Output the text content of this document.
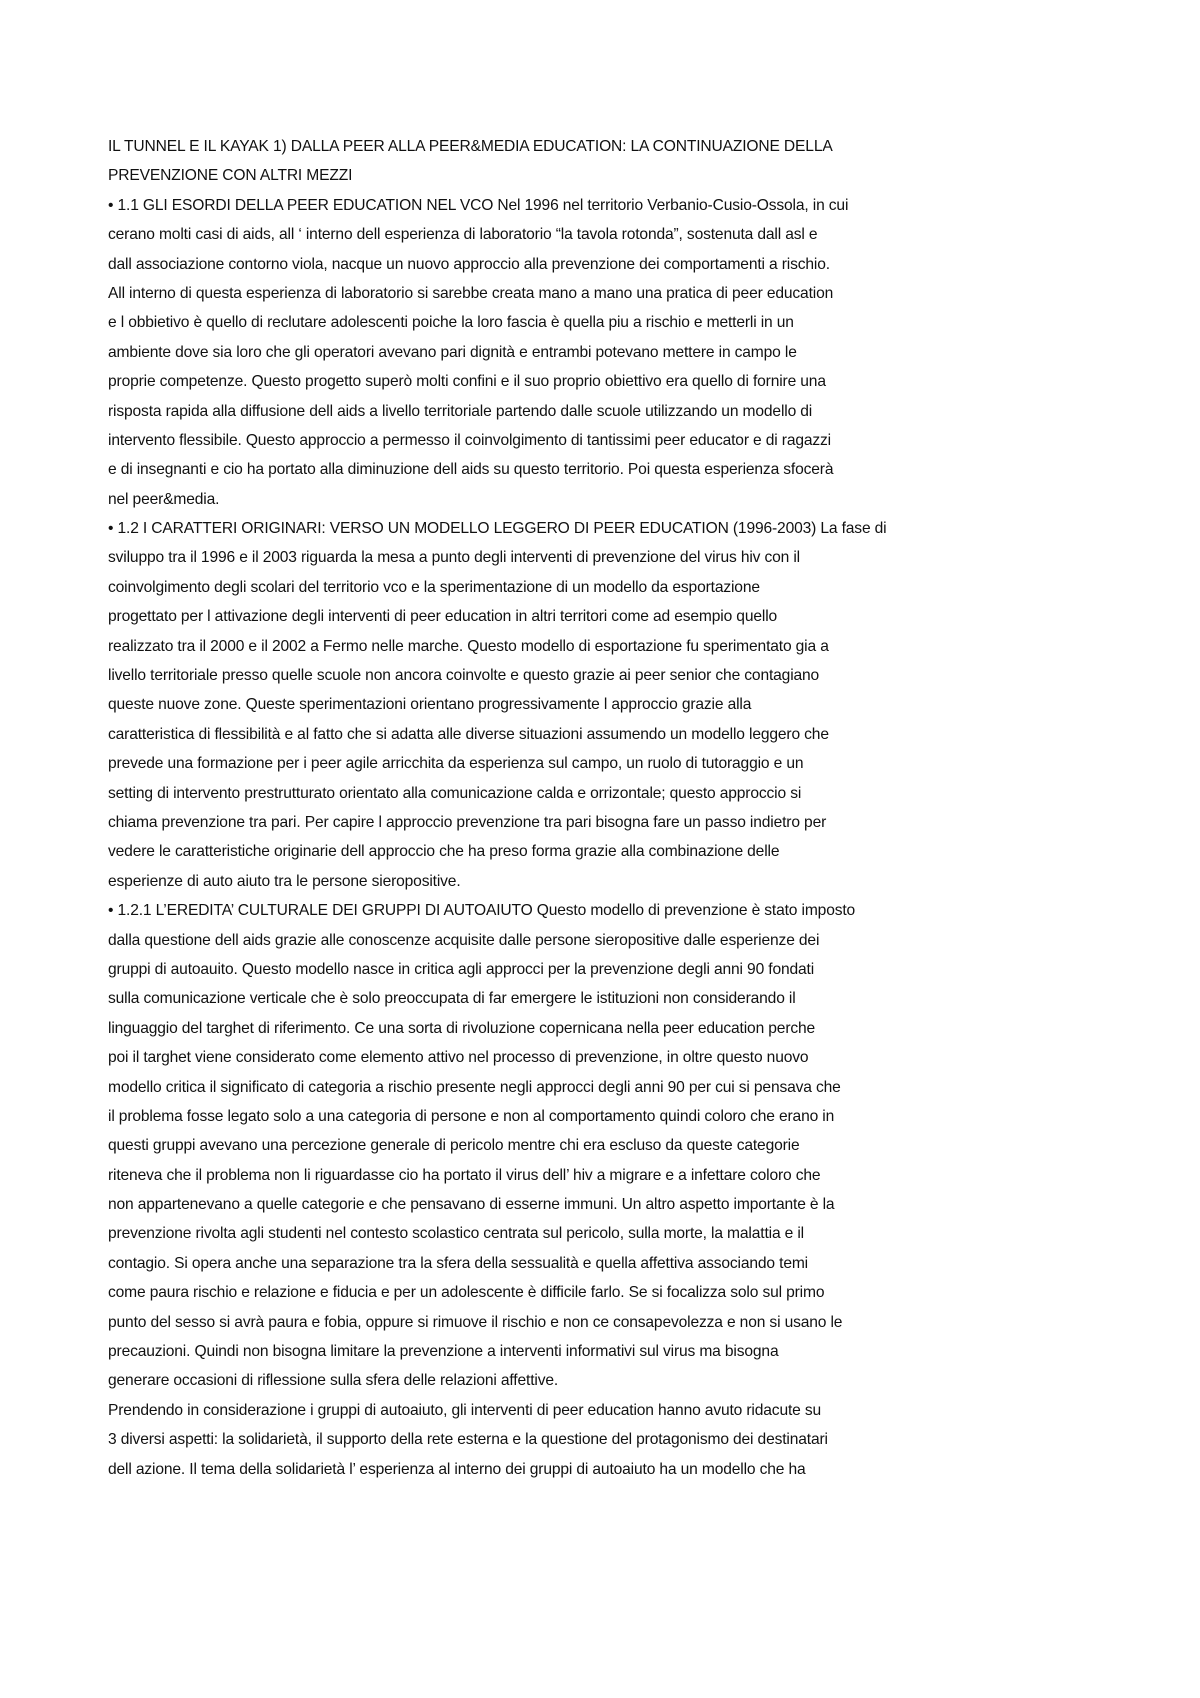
IL TUNNEL E IL KAYAK 1) DALLA PEER ALLA PEER&MEDIA EDUCATION: LA CONTINUAZIONE DELLA
PREVENZIONE CON ALTRI MEZZI
• 1.1 GLI ESORDI DELLA PEER EDUCATION NEL VCO Nel 1996 nel territorio Verbanio-Cusio-Ossola, in cui
cerano molti casi di aids, all ‘ interno dell esperienza di laboratorio “la tavola rotonda”, sostenuta dall asl e
dall associazione contorno viola, nacque un nuovo approccio alla prevenzione dei comportamenti a rischio.
All interno di questa esperienza di laboratorio si sarebbe creata mano a mano una pratica di peer education
e l obbietivo è quello di reclutare adolescenti poiche la loro fascia è quella piu a rischio e metterli in un
ambiente dove sia loro che gli operatori avevano pari dignità e entrambi potevano mettere in campo le
proprie competenze. Questo progetto superò molti confini e il suo proprio obiettivo era quello di fornire una
risposta rapida alla diffusione dell aids a livello territoriale partendo dalle scuole utilizzando un modello di
intervento flessibile. Questo approccio a permesso il coinvolgimento di tantissimi peer educator e di ragazzi
e di insegnanti e cio ha portato alla diminuzione dell aids su questo territorio. Poi questa esperienza sfocerà
nel peer&media.
• 1.2 I CARATTERI ORIGINARI: VERSO UN MODELLO LEGGERO DI PEER EDUCATION (1996-2003) La fase di
sviluppo tra il 1996 e il 2003 riguarda la mesa a punto degli interventi di prevenzione del virus hiv con il
coinvolgimento degli scolari del territorio vco e la sperimentazione di un modello da esportazione
progettato per l attivazione degli interventi di peer education in altri territori come ad esempio quello
realizzato tra il 2000 e il 2002 a Fermo nelle marche. Questo modello di esportazione fu sperimentato gia a
livello territoriale presso quelle scuole non ancora coinvolte e questo grazie ai peer senior che contagiano
queste nuove zone. Queste sperimentazioni orientano progressivamente l approccio grazie alla
caratteristica di flessibilità e al fatto che si adatta alle diverse situazioni assumendo un modello leggero che
prevede una formazione per i peer agile arricchita da esperienza sul campo, un ruolo di tutoraggio e un
setting di intervento prestrutturato orientato alla comunicazione calda e orrizontale; questo approccio si
chiama prevenzione tra pari. Per capire l approccio prevenzione tra pari bisogna fare un passo indietro per
vedere le caratteristiche originarie dell approccio che ha preso forma grazie alla combinazione delle
esperienze di auto aiuto tra le persone sieropositive.
• 1.2.1 L’EREDITA’ CULTURALE DEI GRUPPI DI AUTOAIUTO Questo modello di prevenzione è stato imposto
dalla questione dell aids grazie alle conoscenze acquisite dalle persone sieropositive dalle esperienze dei
gruppi di autoauito. Questo modello nasce in critica agli approcci per la prevenzione degli anni 90 fondati
sulla comunicazione verticale che è solo preoccupata di far emergere le istituzioni non considerando il
linguaggio del targhet di riferimento. Ce una sorta di rivoluzione copernicana nella peer education perche
poi il targhet viene considerato come elemento attivo nel processo di prevenzione, in oltre questo nuovo
modello critica il significato di categoria a rischio presente negli approcci degli anni 90 per cui si pensava che
il problema fosse legato solo a una categoria di persone e non al comportamento quindi coloro che erano in
questi gruppi avevano una percezione generale di pericolo mentre chi era escluso da queste categorie
riteneva che il problema non li riguardasse cio ha portato il virus dell’ hiv a migrare e a infettare coloro che
non appartenevano a quelle categorie e che pensavano di esserne immuni. Un altro aspetto importante è la
prevenzione rivolta agli studenti nel contesto scolastico centrata sul pericolo, sulla morte, la malattia e il
contagio. Si opera anche una separazione tra la sfera della sessualità e quella affettiva associando temi
come paura rischio e relazione e fiducia e per un adolescente è difficile farlo. Se si focalizza solo sul primo
punto del sesso si avrà paura e fobia, oppure si rimuove il rischio e non ce consapevolezza e non si usano le
precauzioni. Quindi non bisogna limitare la prevenzione a interventi informativi sul virus ma bisogna
generare occasioni di riflessione sulla sfera delle relazioni affettive.
Prendendo in considerazione i gruppi di autoaiuto, gli interventi di peer education hanno avuto ridacute su
3 diversi aspetti: la solidarietà, il supporto della rete esterna e la questione del protagonismo dei destinatari
dell azione. Il tema della solidarietà l’ esperienza al interno dei gruppi di autoaiuto ha un modello che ha
